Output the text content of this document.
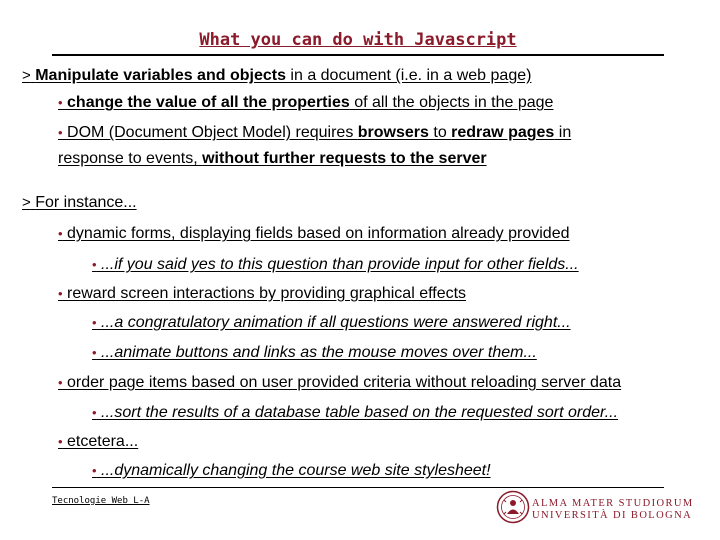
What you can do with Javascript
> Manipulate variables and objects in a document (i.e. in a web page)
• change the value of all the properties of all the objects in the page
• DOM (Document Object Model) requires browsers to redraw pages in
response to events, without further requests to the server
> For instance...
• dynamic forms, displaying fields based on information already provided
• ...if you said yes to this question than provide input for other fields...
• reward screen interactions by providing graphical effects
• ...a congratulatory animation if all questions were answered right...
• ...animate buttons and links as the mouse moves over them...
• order page items based on user provided criteria without reloading server data
• ...sort the results of a database table based on the requested sort order...
• etcetera...
• ...dynamically changing the course web site stylesheet!
Tecnologie Web L-A	ALMA MATER STUDIORUM
UNIVERSITÀ DI BOLOGNA
